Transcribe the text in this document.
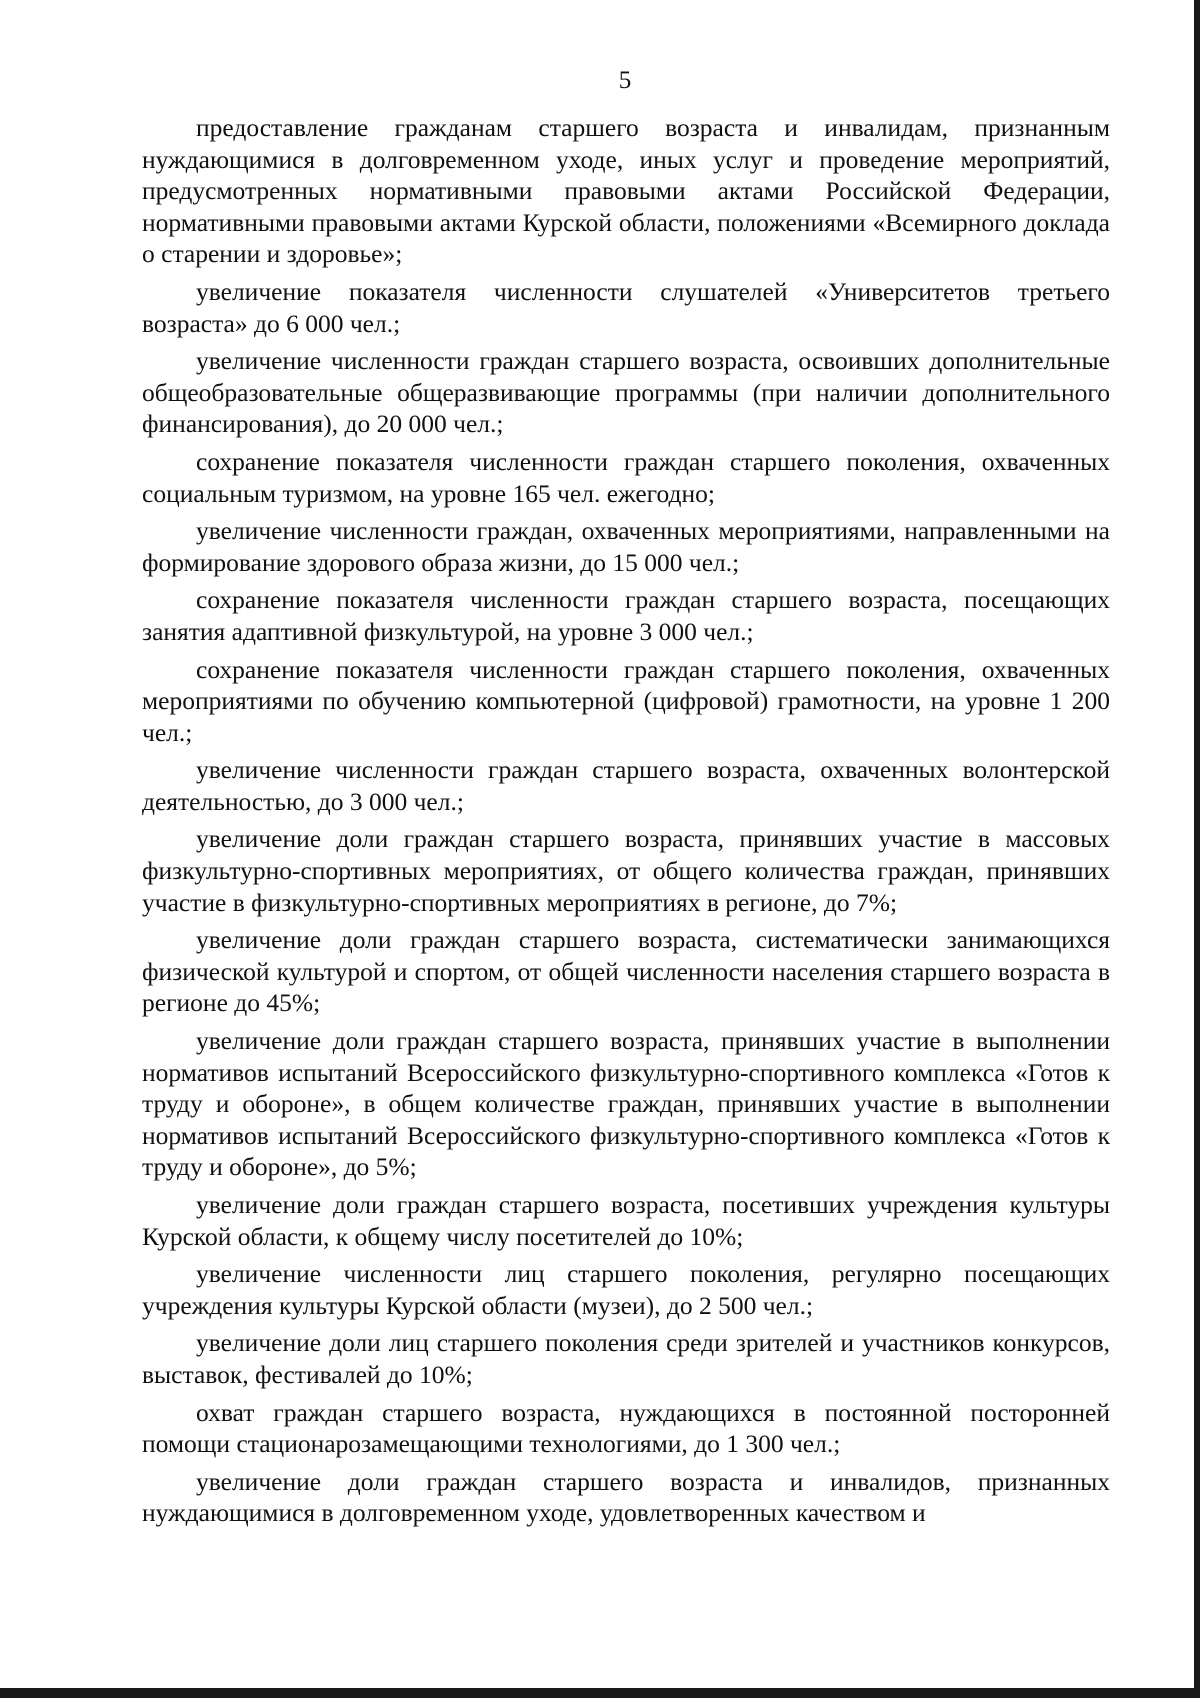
5

предоставление гражданам старшего возраста и инвалидам, признанным нуждающимися в долговременном уходе, иных услуг и проведение мероприятий, предусмотренных нормативными правовыми актами Российской Федерации, нормативными правовыми актами Курской области, положениями «Всемирного доклада о старении и здоровье»;

увеличение показателя численности слушателей «Университетов третьего возраста» до 6 000 чел.;

увеличение численности граждан старшего возраста, освоивших дополнительные общеобразовательные общеразвивающие программы (при наличии дополнительного финансирования), до 20 000 чел.;

сохранение показателя численности граждан старшего поколения, охваченных социальным туризмом, на уровне 165 чел. ежегодно;

увеличение численности граждан, охваченных мероприятиями, направленными на формирование здорового образа жизни, до 15 000 чел.;

сохранение показателя численности граждан старшего возраста, посещающих занятия адаптивной физкультурой, на уровне 3 000 чел.;

сохранение показателя численности граждан старшего поколения, охваченных мероприятиями по обучению компьютерной (цифровой) грамотности, на уровне 1 200 чел.;

увеличение численности граждан старшего возраста, охваченных волонтерской деятельностью, до 3 000 чел.;

увеличение доли граждан старшего возраста, принявших участие в массовых физкультурно-спортивных мероприятиях, от общего количества граждан, принявших участие в физкультурно-спортивных мероприятиях в регионе, до 7%;

увеличение доли граждан старшего возраста, систематически занимающихся физической культурой и спортом, от общей численности населения старшего возраста в регионе до 45%;

увеличение доли граждан старшего возраста, принявших участие в выполнении нормативов испытаний Всероссийского физкультурно-спортивного комплекса «Готов к труду и обороне», в общем количестве граждан, принявших участие в выполнении нормативов испытаний Всероссийского физкультурно-спортивного комплекса «Готов к труду и обороне», до 5%;

увеличение доли граждан старшего возраста, посетивших учреждения культуры Курской области, к общему числу посетителей до 10%;

увеличение численности лиц старшего поколения, регулярно посещающих учреждения культуры Курской области (музеи), до 2 500 чел.;

увеличение доли лиц старшего поколения среди зрителей и участников конкурсов, выставок, фестивалей до 10%;

охват граждан старшего возраста, нуждающихся в постоянной посторонней помощи стационарозамещающими технологиями, до 1 300 чел.;

увеличение доли граждан старшего возраста и инвалидов, признанных нуждающимися в долговременном уходе, удовлетворенных качеством и
